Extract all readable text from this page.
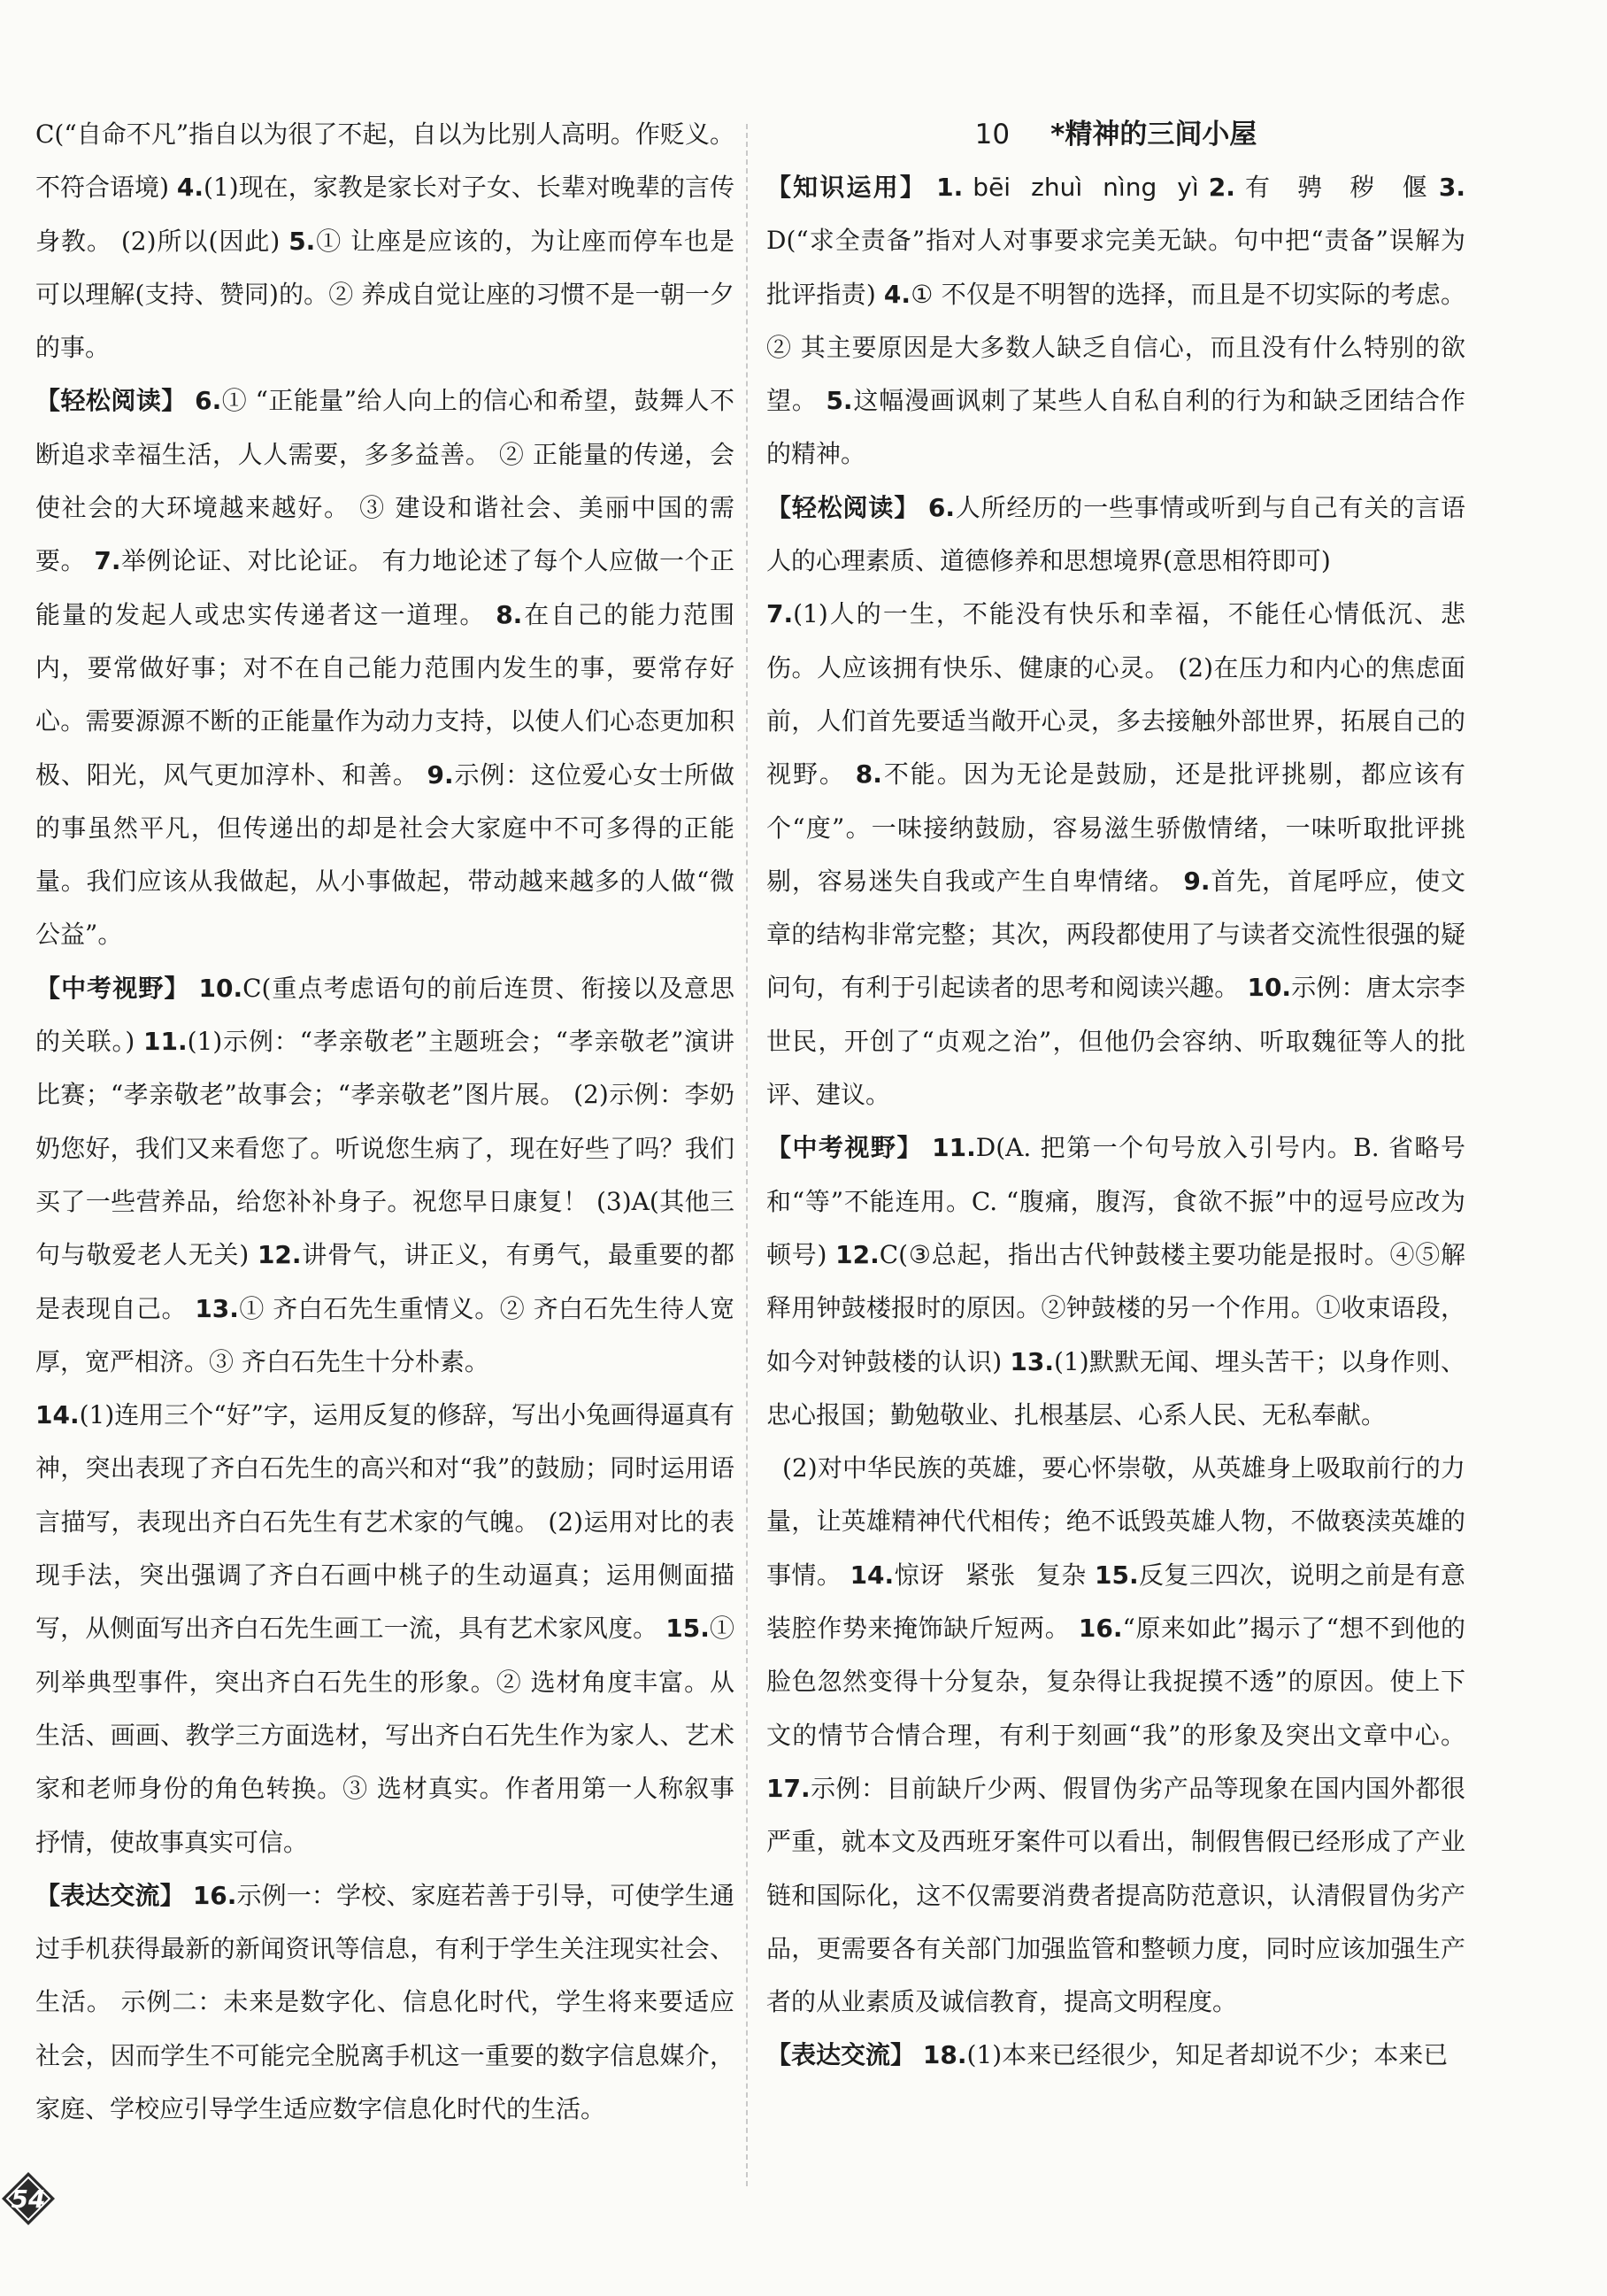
C(“自命不凡”指自以为很了不起，自以为比别人高明。作贬义。不符合语境) 4.(1)现在，家教是家长对子女、长辈对晚辈的言传身教。 (2)所以(因此) 5.① 让座是应该的，为让座而停车也是可以理解(支持、赞同)的。② 养成自觉让座的习惯不是一朝一夕的事。

【轻松阅读】 6.① “正能量”给人向上的信心和希望，鼓舞人不断追求幸福生活，人人需要，多多益善。 ② 正能量的传递，会使社会的大环境越来越好。 ③ 建设和谐社会、美丽中国的需要。 7.举例论证、对比论证。 有力地论述了每个人应做一个正能量的发起人或忠实传递者这一道理。 8.在自己的能力范围内，要常做好事；对不在自己能力范围内发生的事，要常存好心。需要源源不断的正能量作为动力支持，以使人们心态更加积极、阳光，风气更加淳朴、和善。 9.示例：这位爱心女士所做的事虽然平凡，但传递出的却是社会大家庭中不可多得的正能量。我们应该从我做起，从小事做起，带动越来越多的人做“微公益”。

【中考视野】 10.C(重点考虑语句的前后连贯、衔接以及意思的关联。) 11.(1)示例：“孝亲敬老”主题班会；“孝亲敬老”演讲比赛；“孝亲敬老”故事会；“孝亲敬老”图片展。 (2)示例：李奶奶您好，我们又来看您了。听说您生病了，现在好些了吗？我们买了一些营养品，给您补补身子。祝您早日康复！ (3)A(其他三句与敬爱老人无关) 12.讲骨气，讲正义，有勇气，最重要的都是表现自己。 13.① 齐白石先生重情义。② 齐白石先生待人宽厚，宽严相济。③ 齐白石先生十分朴素。

14.(1)连用三个“好”字，运用反复的修辞，写出小兔画得逼真有神，突出表现了齐白石先生的高兴和对“我”的鼓励；同时运用语言描写，表现出齐白石先生有艺术家的气魄。 (2)运用对比的表现手法，突出强调了齐白石画中桃子的生动逼真；运用侧面描写，从侧面写出齐白石先生画工一流，具有艺术家风度。 15.① 列举典型事件，突出齐白石先生的形象。② 选材角度丰富。从生活、画画、教学三方面选材，写出齐白石先生作为家人、艺术家和老师身份的角色转换。③ 选材真实。作者用第一人称叙事抒情，使故事真实可信。

【表达交流】 16.示例一：学校、家庭若善于引导，可使学生通过手机获得最新的新闻资讯等信息，有利于学生关注现实社会、生活。 示例二：未来是数字化、信息化时代，学生将来要适应社会，因而学生不可能完全脱离手机这一重要的数字信息媒介，家庭、学校应引导学生适应数字信息化时代的生活。

10 *精神的三间小屋

【知识运用】 1. bēi zhuì nìng yì 2. 有 骋 秽 偃 3. D(“求全责备”指对人对事要求完美无缺。句中把“责备”误解为批评指责) 4.① 不仅是不明智的选择，而且是不切实际的考虑。 ② 其主要原因是大多数人缺乏自信心，而且没有什么特别的欲望。 5.这幅漫画讽刺了某些人自私自利的行为和缺乏团结合作的精神。

【轻松阅读】 6.人所经历的一些事情或听到与自己有关的言语 人的心理素质、道德修养和思想境界(意思相符即可)

7.(1)人的一生，不能没有快乐和幸福，不能任心情低沉、悲伤。人应该拥有快乐、健康的心灵。 (2)在压力和内心的焦虑面前，人们首先要适当敞开心灵，多去接触外部世界，拓展自己的视野。 8.不能。因为无论是鼓励，还是批评挑剔，都应该有个“度”。一味接纳鼓励，容易滋生骄傲情绪，一味听取批评挑剔，容易迷失自我或产生自卑情绪。 9.首先，首尾呼应，使文章的结构非常完整；其次，两段都使用了与读者交流性很强的疑问句，有利于引起读者的思考和阅读兴趣。 10.示例：唐太宗李世民，开创了“贞观之治”，但他仍会容纳、听取魏征等人的批评、建议。

【中考视野】 11.D(A. 把第一个句号放入引号内。B. 省略号和“等”不能连用。C. “腹痛，腹泻，食欲不振”中的逗号应改为顿号) 12.C(③总起，指出古代钟鼓楼主要功能是报时。④⑤解释用钟鼓楼报时的原因。②钟鼓楼的另一个作用。①收束语段，如今对钟鼓楼的认识) 13.(1)默默无闻、埋头苦干；以身作则、忠心报国；勤勉敬业、扎根基层、心系人民、无私奉献。

(2)对中华民族的英雄，要心怀崇敬，从英雄身上吸取前行的力量，让英雄精神代代相传；绝不诋毁英雄人物，不做亵渎英雄的事情。 14.惊讶 紧张 复杂 15.反复三四次，说明之前是有意装腔作势来掩饰缺斤短两。 16.“原来如此”揭示了“想不到他的脸色忽然变得十分复杂，复杂得让我捉摸不透”的原因。使上下文的情节合情合理，有利于刻画“我”的形象及突出文章中心。 17.示例：目前缺斤少两、假冒伪劣产品等现象在国内国外都很严重，就本文及西班牙案件可以看出，制假售假已经形成了产业链和国际化，这不仅需要消费者提高防范意识，认清假冒伪劣产品，更需要各有关部门加强监管和整顿力度，同时应该加强生产者的从业素质及诚信教育，提高文明程度。

【表达交流】 18.(1)本来已经很少，知足者却说不少；本来已

54
